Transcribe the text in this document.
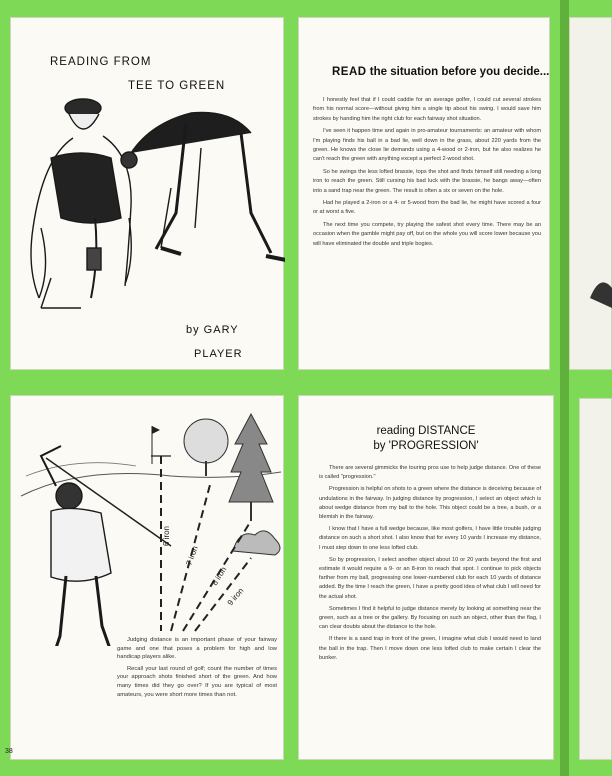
READING FROM
TEE TO GREEN
by GARY
PLAYER
READ the situation before you decide...

I honestly feel that if I could caddie for an average golfer, I could cut several strokes from his normal score—without giving him a single tip about his swing. I would save him strokes by handing him the right club for each fairway shot situation.

I've seen it happen time and again in pro-amateur tournaments: an amateur with whom I'm playing finds his ball in a bad lie, well down in the grass, about 220 yards from the green. He knows the close lie demands using a 4-wood or 2-iron, but he also realizes he can't reach the green with anything except a perfect 2-wood shot.

So he swings the less lofted brassie, tops the shot and finds himself still needing a long iron to reach the green. Still cursing his bad luck with the brassie, he bangs away—often into a sand trap near the green. The result is often a six or seven on the hole.

Had he played a 2-iron or a 4- or 5-wood from the bad lie, he might have scored a four or at worst a five.

The next time you compete, try playing the safest shot every time. There may be an occasion when the gamble might pay off, but on the whole you will score lower because you will have eliminated the double and triple bogies.

6 iron
7 iron
8 iron
9 iron

Judging distance is an important phase of your fairway game and one that poses a problem for high and low handicap players alike.

Recall your last round of golf; count the number of times your approach shots finished short of the green. And how many times did they go over? If you are typical of most amateurs, you were short more times than not.

38
reading DISTANCE
by 'PROGRESSION'

There are several gimmicks the touring pros use to help judge distance. One of these is called "progression."

Progression is helpful on shots to a green where the distance is deceiving because of undulations in the fairway. In judging distance by progression, I select an object which is about wedge distance from my ball to the hole. This object could be a tree, a bush, or a blemish in the fairway.

I know that I have a full wedge because, like most golfers, I have little trouble judging distance on such a short shot. I also know that for every 10 yards I increase my distance, I must step down to one less lofted club.

So by progression, I select another object about 10 or 20 yards beyond the first and estimate it would require a 9- or an 8-iron to reach that spot. I continue to pick objects farther from my ball, progressing one lower-numbered club for each 10 yards of distance added. By the time I reach the green, I have a pretty good idea of what club I will need for the actual shot.

Sometimes I find it helpful to judge distance merely by looking at something near the green, such as a tree or the gallery. By focusing on such an object, other than the flag, I can clear doubts about the distance to the hole.

If there is a sand trap in front of the green, I imagine what club I would need to land the ball in the trap. Then I move down one less lofted club to make certain I clear the bunker.
